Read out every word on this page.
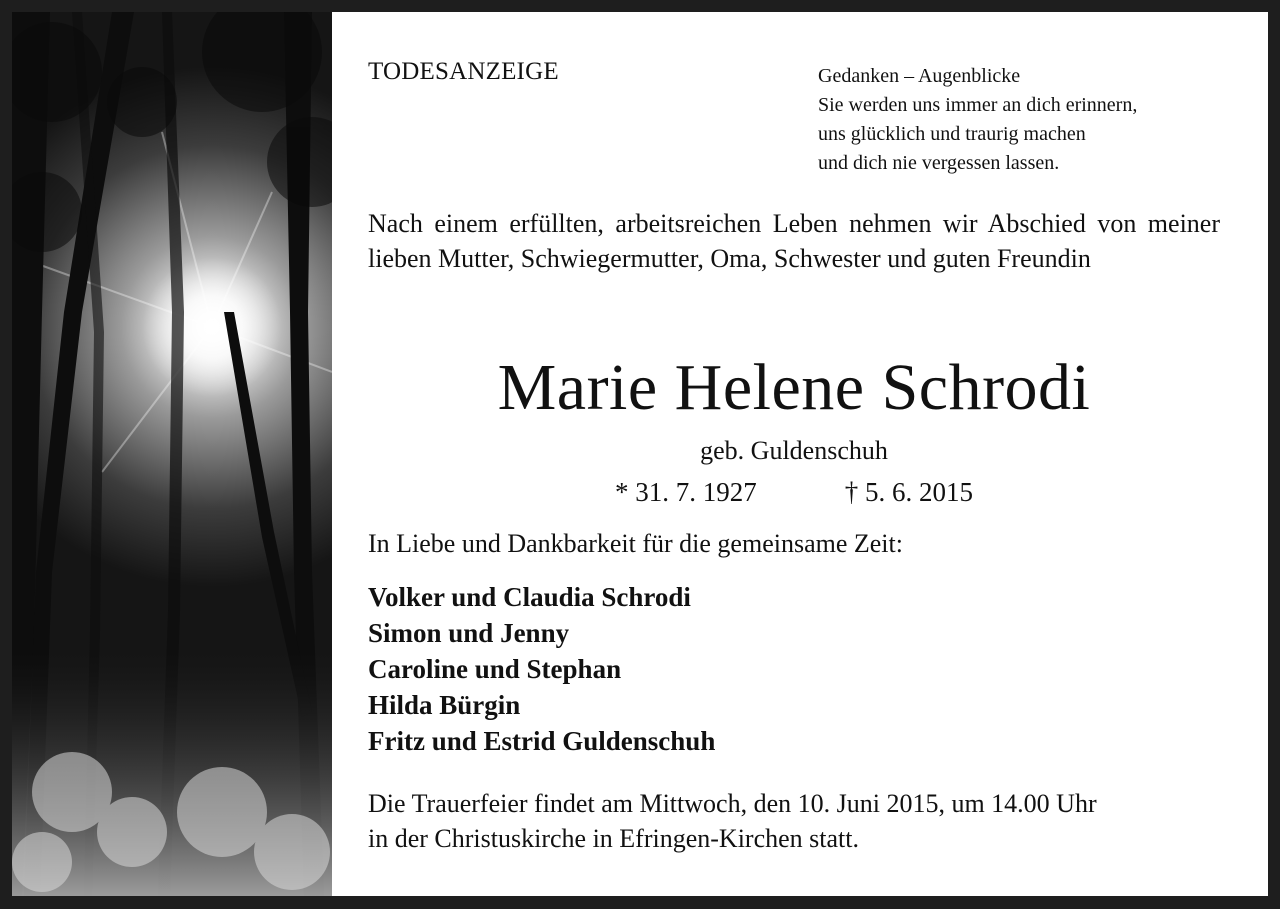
TODESANZEIGE	Gedanken – Augenblicke
Sie werden uns immer an dich erinnern,
uns glücklich und traurig machen
und dich nie vergessen lassen.
Nach einem erfüllten, arbeitsreichen Leben nehmen wir Abschied von meiner lieben Mutter, Schwiegermutter, Oma, Schwester und guten Freundin
Marie Helene Schrodi
geb. Guldenschuh
* 31. 7. 1927	† 5. 6. 2015
In Liebe und Dankbarkeit für die gemeinsame Zeit:
Volker und Claudia Schrodi
Simon und Jenny
Caroline und Stephan
Hilda Bürgin
Fritz und Estrid Guldenschuh
Die Trauerfeier findet am Mittwoch, den 10. Juni 2015, um 14.00 Uhr
in der Christuskirche in Efringen-Kirchen statt.
